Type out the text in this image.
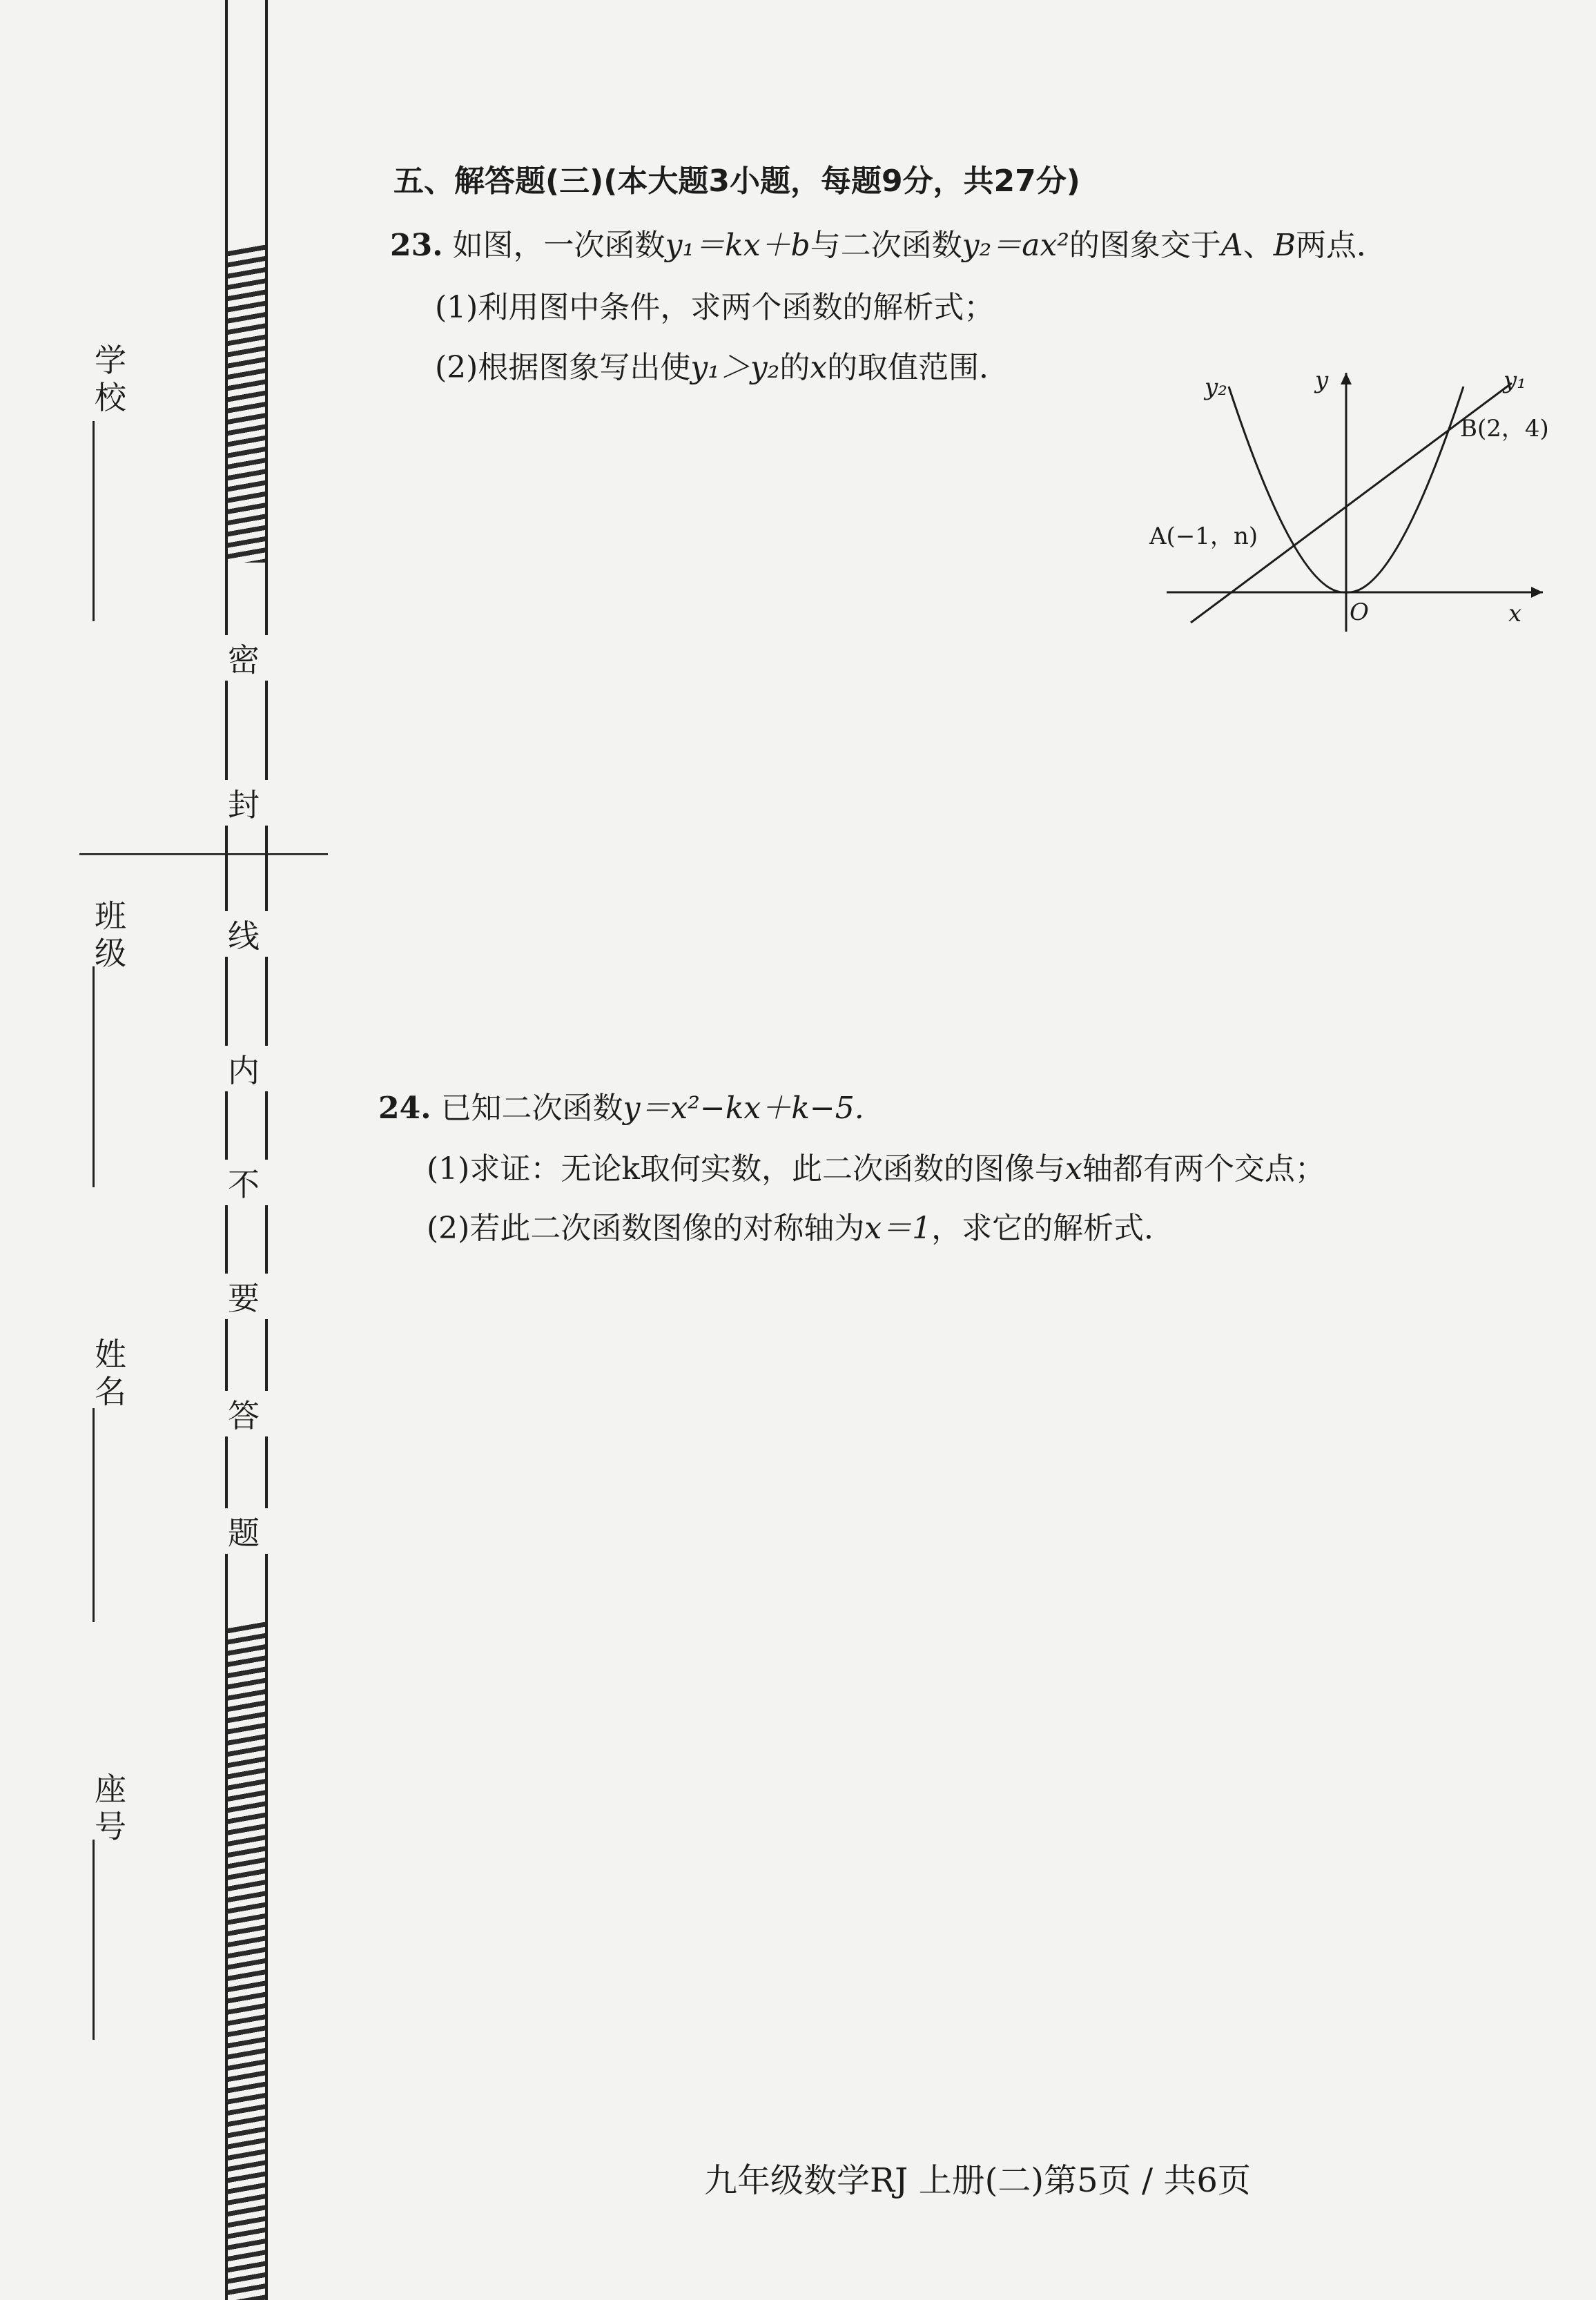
学校
班级
姓名
座号
密
封
线
内
不
要
答
题
五、解答题(三)(本大题3小题，每题9分，共27分)
23. 如图，一次函数y₁＝kx＋b与二次函数y₂＝ax²的图象交于A、B两点．
(1)利用图中条件，求两个函数的解析式；
(2)根据图象写出使y₁＞y₂的x的取值范围．
y₂	y	y₁
B(2，4)
A(−1，n)
O	x
24. 已知二次函数y＝x²−kx＋k−5.
(1)求证：无论k取何实数，此二次函数的图像与x轴都有两个交点；
(2)若此二次函数图像的对称轴为x＝1，求它的解析式．
九年级数学RJ 上册(二)第5页 / 共6页
